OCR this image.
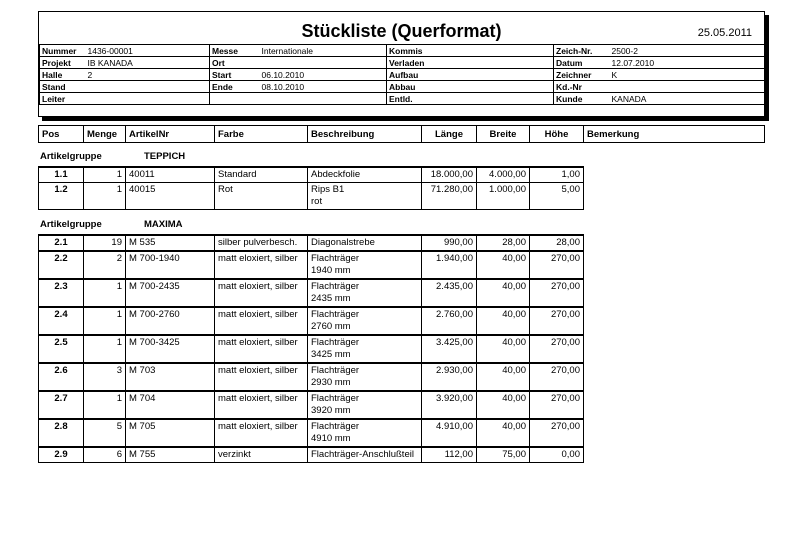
Stückliste (Querformat)	25.05.2011
Nummer	1436-00001	Messe	Internationale	Kommis		Zeich-Nr.	2500-2
Projekt	IB KANADA	Ort		Verladen		Datum	12.07.2010
Halle	2	Start	06.10.2010	Aufbau		Zeichner	K
Stand		Ende	08.10.2010	Abbau		Kd.-Nr	
Leiter				Entld.		Kunde	KANADA
Pos	Menge	ArtikelNr	Farbe	Beschreibung	Länge	Breite	Höhe	Bemerkung
Artikelgruppe	TEPPICH
1.1	1	40011	Standard	Abdeckfolie	18.000,00	4.000,00	1,00
1.2	1	40015	Rot	Rips B1
rot	71.280,00	1.000,00	5,00
Artikelgruppe	MAXIMA
2.1	19	M 535	silber pulverbesch.	Diagonalstrebe	990,00	28,00	28,00
2.2	2	M 700-1940	matt eloxiert, silber	Flachträger
1940 mm	1.940,00	40,00	270,00
2.3	1	M 700-2435	matt eloxiert, silber	Flachträger
2435 mm	2.435,00	40,00	270,00
2.4	1	M 700-2760	matt eloxiert, silber	Flachträger
2760 mm	2.760,00	40,00	270,00
2.5	1	M 700-3425	matt eloxiert, silber	Flachträger
3425 mm	3.425,00	40,00	270,00
2.6	3	M 703	matt eloxiert, silber	Flachträger
2930 mm	2.930,00	40,00	270,00
2.7	1	M 704	matt eloxiert, silber	Flachträger
3920 mm	3.920,00	40,00	270,00
2.8	5	M 705	matt eloxiert, silber	Flachträger
4910 mm	4.910,00	40,00	270,00
2.9	6	M 755	verzinkt	Flachträger-Anschlußteil	112,00	75,00	0,00
